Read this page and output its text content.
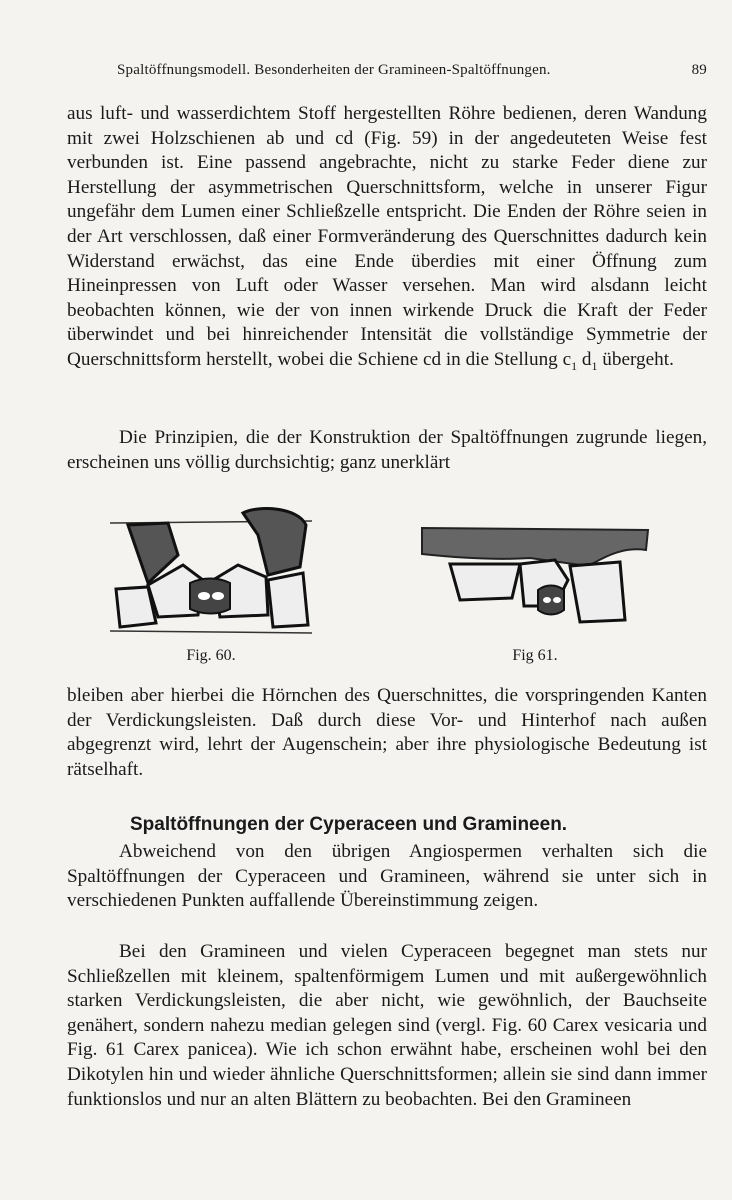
Spaltöffnungsmodell. Besonderheiten der Gramineen-Spaltöffnungen.	89

aus luft- und wasserdichtem Stoff hergestellten Röhre bedienen, deren Wandung mit zwei Holzschienen ab und cd (Fig. 59) in der angedeuteten Weise fest verbunden ist. Eine passend angebrachte, nicht zu starke Feder diene zur Herstellung der asymmetrischen Querschnittsform, welche in unserer Figur ungefähr dem Lumen einer Schließzelle entspricht. Die Enden der Röhre seien in der Art verschlossen, daß einer Formveränderung des Querschnittes dadurch kein Widerstand erwächst, das eine Ende überdies mit einer Öffnung zum Hineinpressen von Luft oder Wasser versehen. Man wird alsdann leicht beobachten können, wie der von innen wirkende Druck die Kraft der Feder überwindet und bei hinreichender Intensität die vollständige Symmetrie der Querschnittsform herstellt, wobei die Schiene cd in die Stellung $c_1$ $d_1$ übergeht.

Die Prinzipien, die der Konstruktion der Spaltöffnungen zugrunde liegen, erscheinen uns völlig durchsichtig; ganz unerklärt

Fig. 60.	Fig 61.

bleiben aber hierbei die Hörnchen des Querschnittes, die vorspringenden Kanten der Verdickungsleisten. Daß durch diese Vor- und Hinterhof nach außen abgegrenzt wird, lehrt der Augenschein; aber ihre physiologische Bedeutung ist rätselhaft.

Spaltöffnungen der Cyperaceen und Gramineen.

Abweichend von den übrigen Angiospermen verhalten sich die Spaltöffnungen der Cyperaceen und Gramineen, während sie unter sich in verschiedenen Punkten auffallende Übereinstimmung zeigen.

Bei den Gramineen und vielen Cyperaceen begegnet man stets nur Schließzellen mit kleinem, spaltenförmigem Lumen und mit außergewöhnlich starken Verdickungsleisten, die aber nicht, wie gewöhnlich, der Bauchseite genähert, sondern nahezu median gelegen sind (vergl. Fig. 60 Carex vesicaria und Fig. 61 Carex panicea). Wie ich schon erwähnt habe, erscheinen wohl bei den Dikotylen hin und wieder ähnliche Querschnittsformen; allein sie sind dann immer funktionslos und nur an alten Blättern zu beobachten. Bei den Gramineen
